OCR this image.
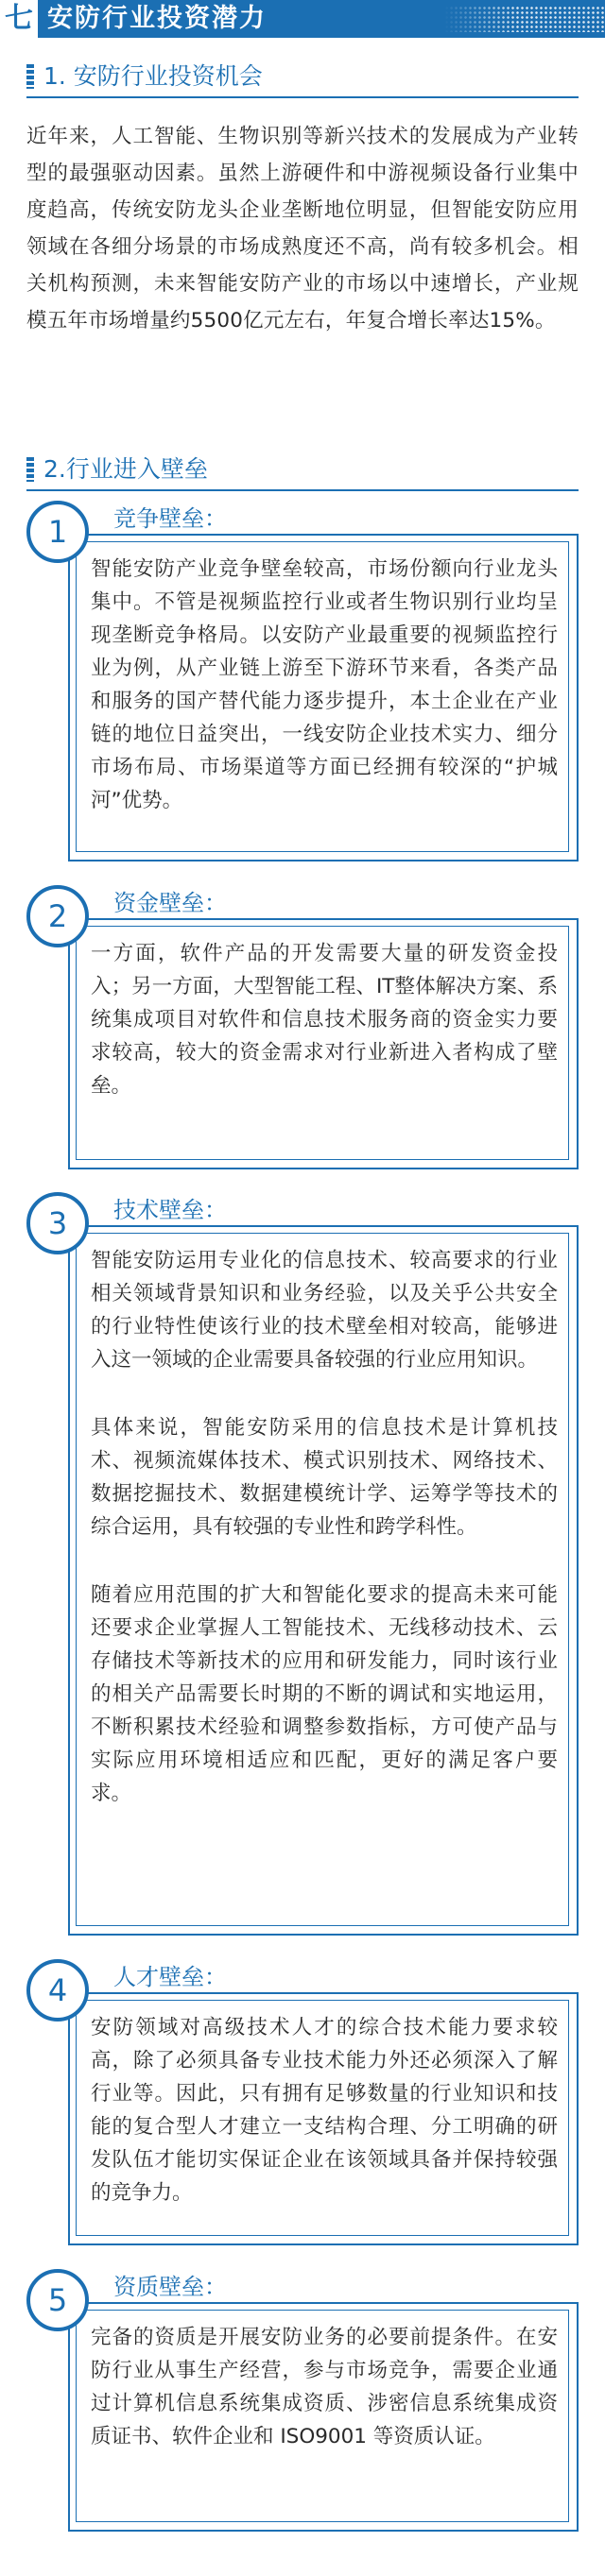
七 安防行业投资潜力
1. 安防行业投资机会

近年来，人工智能、生物识别等新兴技术的发展成为产业转型的最强驱动因素。虽然上游硬件和中游视频设备行业集中度趋高，传统安防龙头企业垄断地位明显，但智能安防应用领域在各细分场景的市场成熟度还不高，尚有较多机会。相关机构预测，未来智能安防产业的市场以中速增长，产业规模五年市场增量约5500亿元左右，年复合增长率达15%。

2.行业进入壁垒
1	竞争壁垒：

智能安防产业竞争壁垒较高，市场份额向行业龙头集中。不管是视频监控行业或者生物识别行业均呈现垄断竞争格局。以安防产业最重要的视频监控行业为例，从产业链上游至下游环节来看，各类产品和服务的国产替代能力逐步提升，本土企业在产业链的地位日益突出，一线安防企业技术实力、细分市场布局、市场渠道等方面已经拥有较深的“护城河”优势。

2	资金壁垒：

一方面，软件产品的开发需要大量的研发资金投入；另一方面，大型智能工程、IT整体解决方案、系统集成项目对软件和信息技术服务商的资金实力要求较高，较大的资金需求对行业新进入者构成了壁垒。

3	技术壁垒：

智能安防运用专业化的信息技术、较高要求的行业相关领域背景知识和业务经验，以及关乎公共安全的行业特性使该行业的技术壁垒相对较高，能够进入这一领域的企业需要具备较强的行业应用知识。

具体来说，智能安防采用的信息技术是计算机技术、视频流媒体技术、模式识别技术、网络技术、数据挖掘技术、数据建模统计学、运筹学等技术的综合运用，具有较强的专业性和跨学科性。

随着应用范围的扩大和智能化要求的提高未来可能还要求企业掌握人工智能技术、无线移动技术、云存储技术等新技术的应用和研发能力，同时该行业的相关产品需要长时期的不断的调试和实地运用，不断积累技术经验和调整参数指标，方可使产品与实际应用环境相适应和匹配，更好的满足客户要求。

4	人才壁垒：

安防领域对高级技术人才的综合技术能力要求较高，除了必须具备专业技术能力外还必须深入了解行业等。因此，只有拥有足够数量的行业知识和技能的复合型人才建立一支结构合理、分工明确的研发队伍才能切实保证企业在该领域具备并保持较强的竞争力。

5	资质壁垒：

完备的资质是开展安防业务的必要前提条件。在安防行业从事生产经营，参与市场竞争，需要企业通过计算机信息系统集成资质、涉密信息系统集成资质证书、软件企业和 ISO9001 等资质认证。
